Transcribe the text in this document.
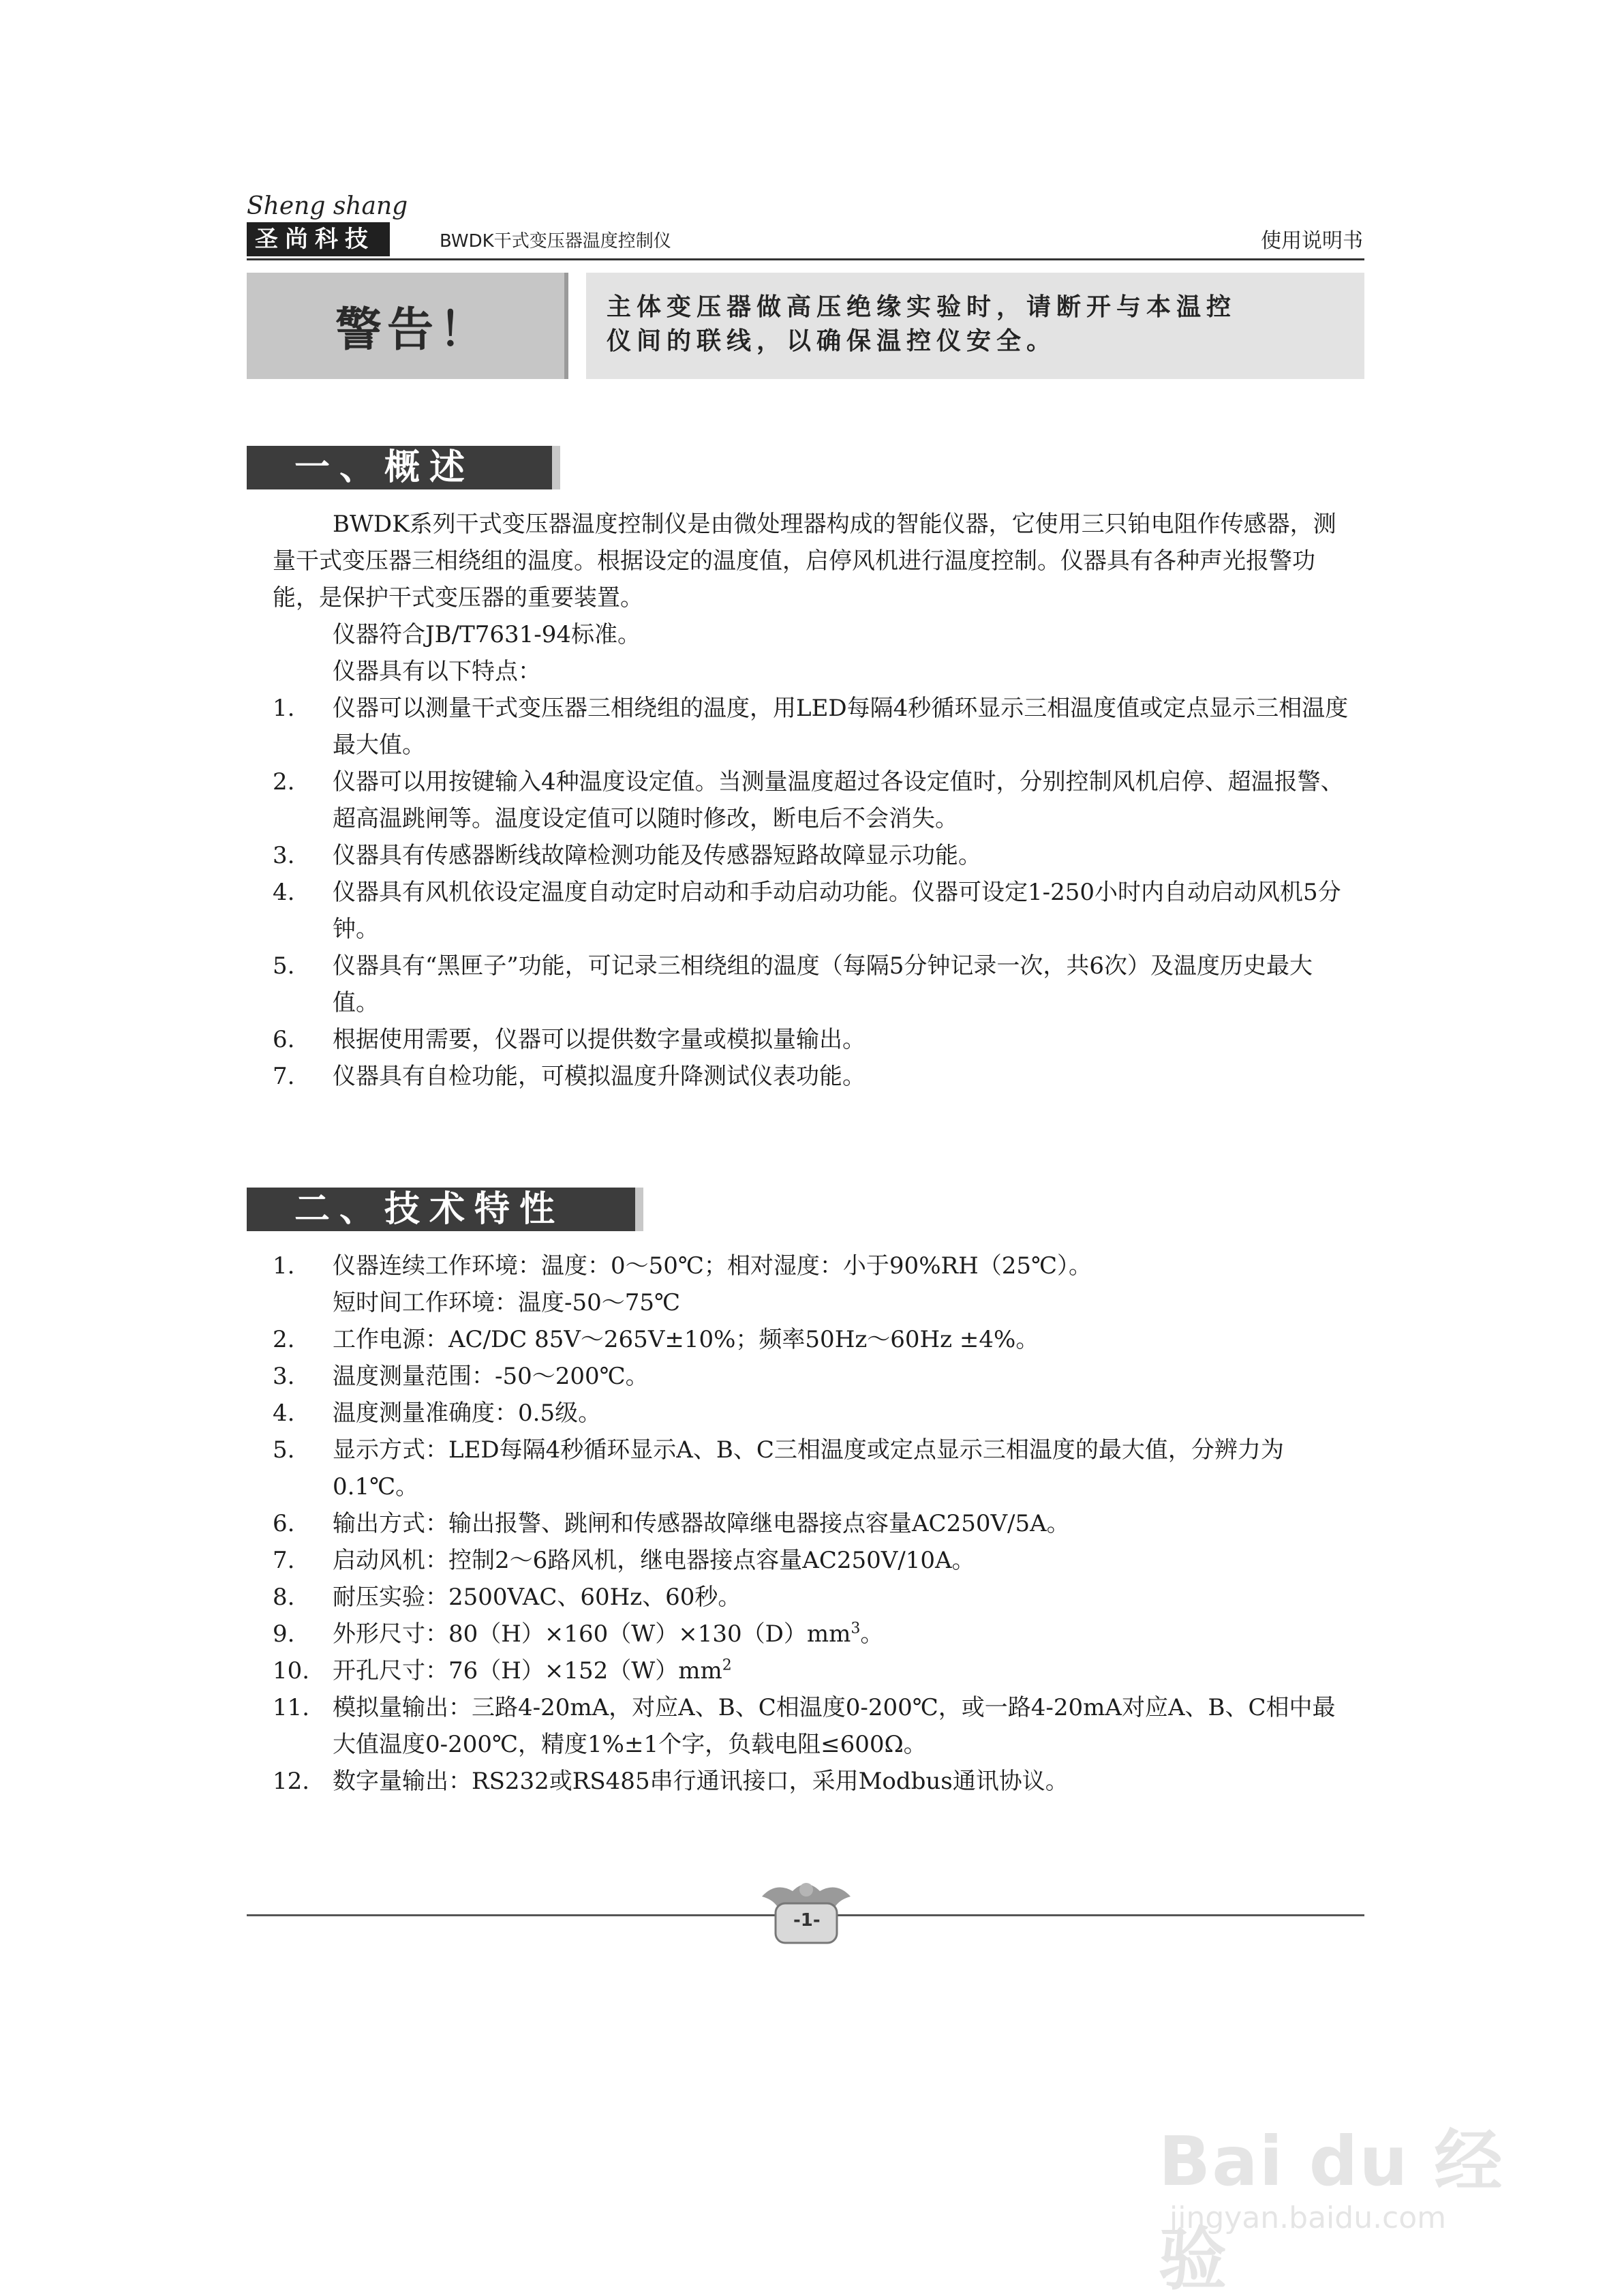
Sheng shang
圣尚科技	BWDK干式变压器温度控制仪	使用说明书
警告！	主体变压器做高压绝缘实验时，请断开与本温控仪间的联线，以确保温控仪安全。
一、概述

BWDK系列干式变压器温度控制仪是由微处理器构成的智能仪器，它使用三只铂电阻作传感器，测量干式变压器三相绕组的温度。根据设定的温度值，启停风机进行温度控制。仪器具有各种声光报警功能，是保护干式变压器的重要装置。

仪器符合JB/T7631-94标准。

仪器具有以下特点：

1.	仪器可以测量干式变压器三相绕组的温度，用LED每隔4秒循环显示三相温度值或定点显示三相温度最大值。
2.	仪器可以用按键输入4种温度设定值。当测量温度超过各设定值时，分别控制风机启停、超温报警、超高温跳闸等。温度设定值可以随时修改，断电后不会消失。
3.	仪器具有传感器断线故障检测功能及传感器短路故障显示功能。
4.	仪器具有风机依设定温度自动定时启动和手动启动功能。仪器可设定1-250小时内自动启动风机5分钟。
5.	仪器具有“黑匣子”功能，可记录三相绕组的温度（每隔5分钟记录一次，共6次）及温度历史最大值。
6.	根据使用需要，仪器可以提供数字量或模拟量输出。
7.	仪器具有自检功能，可模拟温度升降测试仪表功能。
二、技术特性
1.	仪器连续工作环境：温度：0～50℃；相对湿度：小于90%RH（25℃）。

短时间工作环境：温度-50～75℃

2.	工作电源：AC/DC 85V～265V±10%；频率50Hz～60Hz ±4%。
3.	温度测量范围：-50～200℃。
4.	温度测量准确度：0.5级。
5.	显示方式：LED每隔4秒循环显示A、B、C三相温度或定点显示三相温度的最大值，分辨力为0.1℃。
6.	输出方式：输出报警、跳闸和传感器故障继电器接点容量AC250V/5A。
7.	启动风机：控制2～6路风机，继电器接点容量AC250V/10A。
8.	耐压实验：2500VAC、60Hz、60秒。
9.	外形尺寸：$80(H)\times 160(W)\times 130(D)mm^3$。
10. 开孔尺寸：$76(H)\times 152(W)mm^2$
11. 模拟量输出：三路4-20mA，对应A、B、C相温度0-200℃，或一路4-20mA对应A、B、C相中最大值温度0-200℃，精度1%±1个字，负载电阻≤600Ω。
12. 数字量输出：RS232或RS485串行通讯接口，采用Modbus通讯协议。
-1-
Bai du 经验
jingyan.baidu.com
